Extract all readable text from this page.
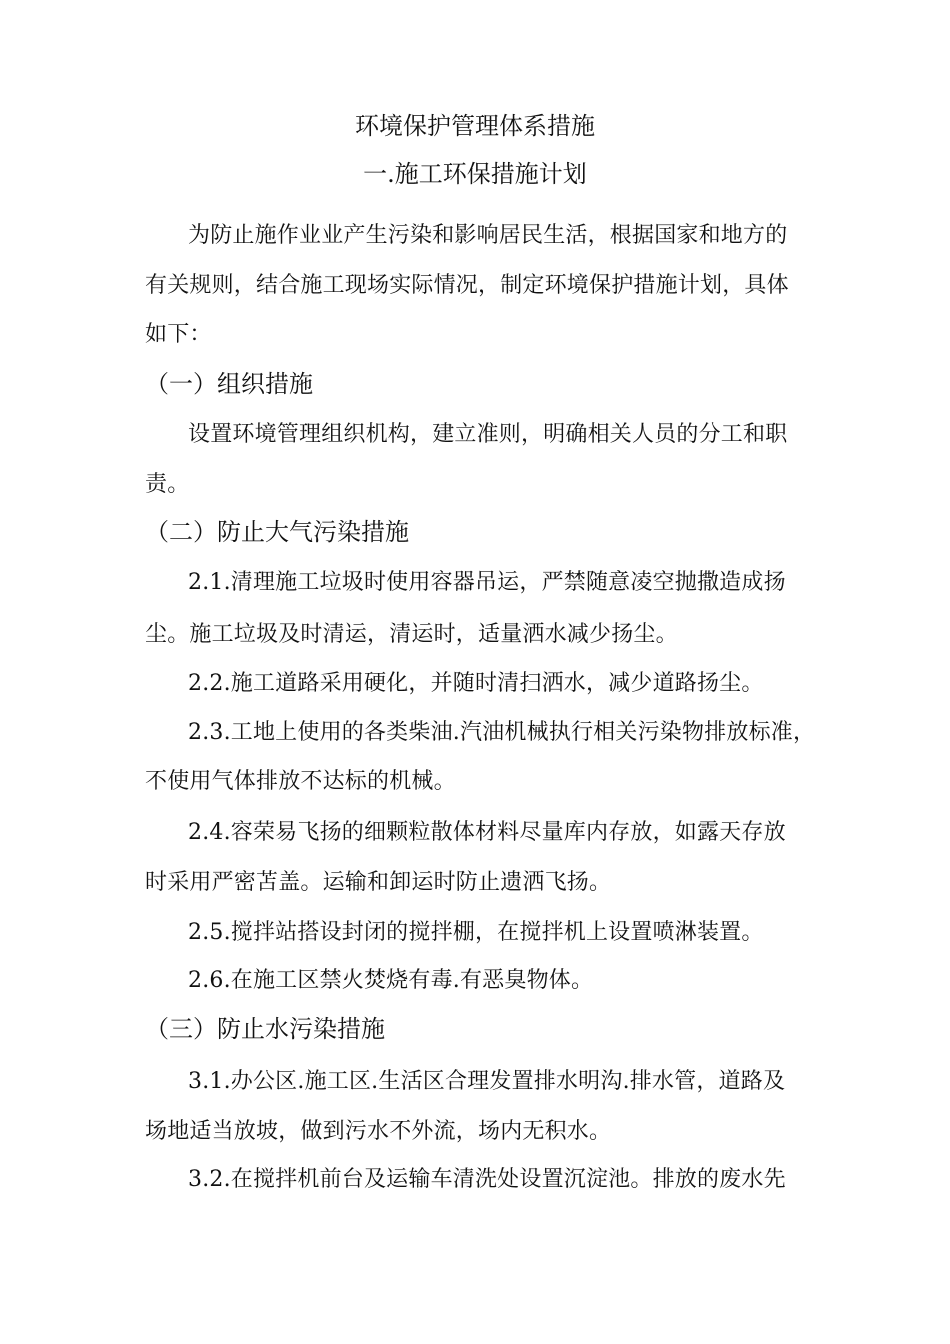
环境保护管理体系措施
一.施工环保措施计划
为防止施作业业产生污染和影响居民生活，根据国家和地方的
有关规则，结合施工现场实际情况，制定环境保护措施计划，具体
如下：
（一）组织措施
设置环境管理组织机构，建立准则，明确相关人员的分工和职
责。
（二）防止大气污染措施
2.1.清理施工垃圾时使用容器吊运，严禁随意凌空抛撒造成扬
尘。施工垃圾及时清运，清运时，适量洒水减少扬尘。
2.2.施工道路采用硬化，并随时清扫洒水，减少道路扬尘。
2.3.工地上使用的各类柴油.汽油机械执行相关污染物排放标准，
不使用气体排放不达标的机械。
2.4.容荣易飞扬的细颗粒散体材料尽量库内存放，如露天存放
时采用严密苫盖。运输和卸运时防止遗洒飞扬。
2.5.搅拌站搭设封闭的搅拌棚，在搅拌机上设置喷淋装置。
2.6.在施工区禁火焚烧有毒.有恶臭物体。
（三）防止水污染措施
3.1.办公区.施工区.生活区合理发置排水明沟.排水管，道路及
场地适当放坡，做到污水不外流，场内无积水。
3.2.在搅拌机前台及运输车清洗处设置沉淀池。排放的废水先
